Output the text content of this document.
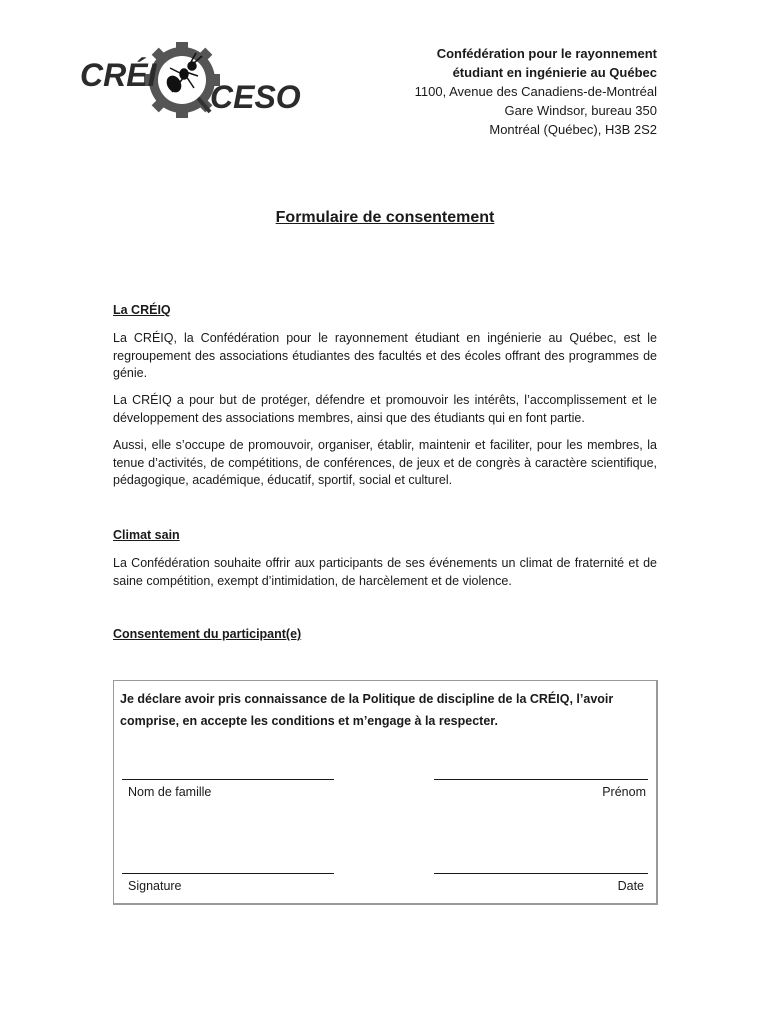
CRÉI
CESO
Confédération pour le rayonnement
étudiant en ingénierie au Québec
1100, Avenue des Canadiens-de-Montréal
Gare Windsor, bureau 350
Montréal (Québec), H3B 2S2
Formulaire de consentement
La CRÉIQ

La CRÉIQ, la Confédération pour le rayonnement étudiant en ingénierie au Québec, est le regroupement des associations étudiantes des facultés et des écoles offrant des programmes de génie.

La CRÉIQ a pour but de protéger, défendre et promouvoir les intérêts, l’accomplissement et le développement des associations membres, ainsi que des étudiants qui en font partie.

Aussi, elle s’occupe de promouvoir, organiser, établir, maintenir et faciliter, pour les membres, la tenue d’activités, de compétitions, de conférences, de jeux et de congrès à caractère scientifique, pédagogique, académique, éducatif, sportif, social et culturel.

Climat sain

La Confédération souhaite offrir aux participants de ses événements un climat de fraternité et de saine compétition, exempt d’intimidation, de harcèlement et de violence.

Consentement du participant(e)

Je déclare avoir pris connaissance de la Politique de discipline de la CRÉIQ, l’avoir comprise, en accepte les conditions et m’engage à la respecter.

Nom de famille	Prénom
Signature	Date
